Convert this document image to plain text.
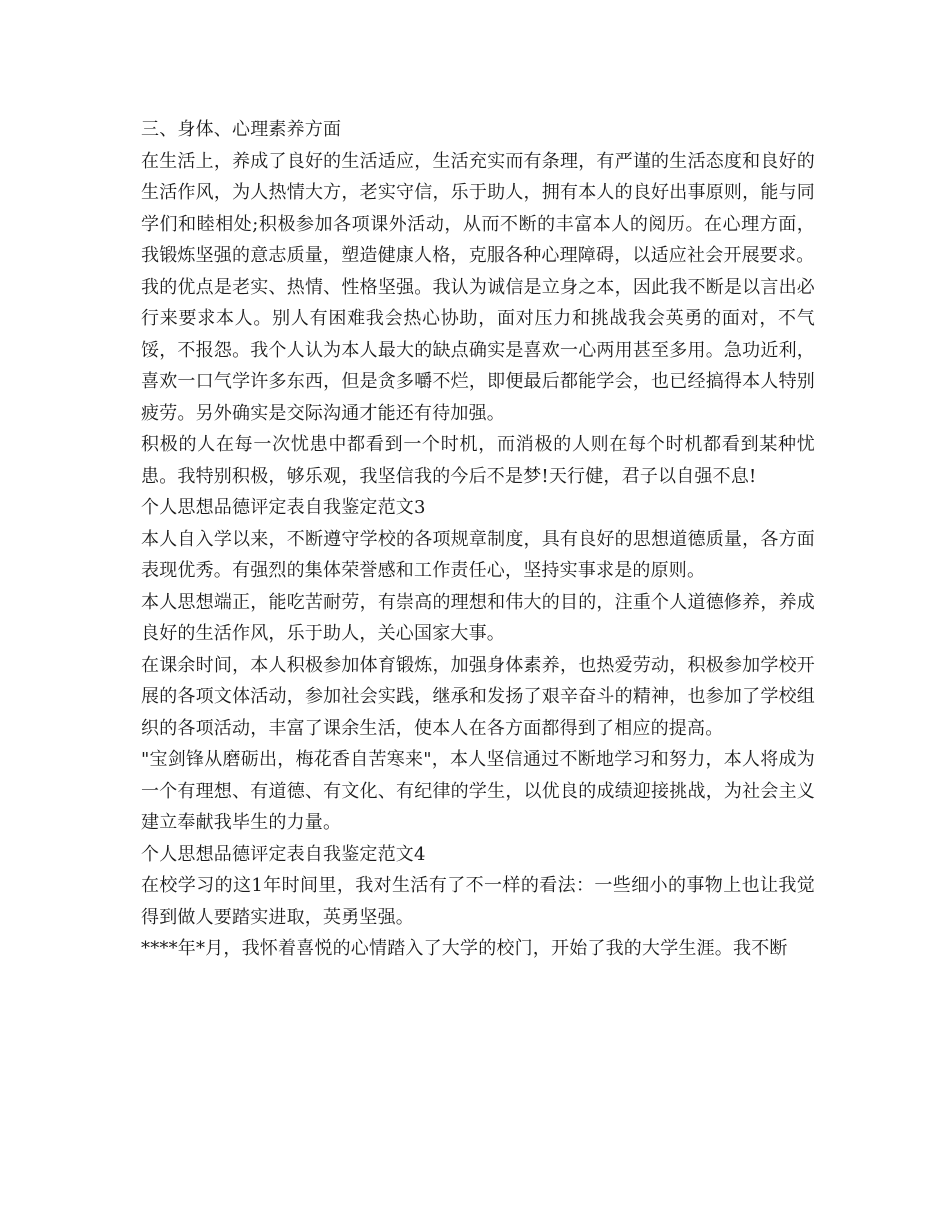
三、身体、心理素养方面

在生活上，养成了良好的生活适应，生活充实而有条理，有严谨的生活态度和良好的生活作风，为人热情大方，老实守信，乐于助人，拥有本人的良好出事原则，能与同学们和睦相处;积极参加各项课外活动，从而不断的丰富本人的阅历。在心理方面，我锻炼坚强的意志质量，塑造健康人格，克服各种心理障碍，以适应社会开展要求。

我的优点是老实、热情、性格坚强。我认为诚信是立身之本，因此我不断是以言出必行来要求本人。别人有困难我会热心协助，面对压力和挑战我会英勇的面对，不气馁，不报怨。我个人认为本人最大的缺点确实是喜欢一心两用甚至多用。急功近利，喜欢一口气学许多东西，但是贪多嚼不烂，即便最后都能学会，也已经搞得本人特别疲劳。另外确实是交际沟通才能还有待加强。

积极的人在每一次忧患中都看到一个时机，而消极的人则在每个时机都看到某种忧患。我特别积极，够乐观，我坚信我的今后不是梦!天行健，君子以自强不息!

个人思想品德评定表自我鉴定范文3

本人自入学以来，不断遵守学校的各项规章制度，具有良好的思想道德质量，各方面表现优秀。有强烈的集体荣誉感和工作责任心，坚持实事求是的原则。

本人思想端正，能吃苦耐劳，有崇高的理想和伟大的目的，注重个人道德修养，养成良好的生活作风，乐于助人，关心国家大事。

在课余时间，本人积极参加体育锻炼，加强身体素养，也热爱劳动，积极参加学校开展的各项文体活动，参加社会实践，继承和发扬了艰辛奋斗的精神，也参加了学校组织的各项活动，丰富了课余生活，使本人在各方面都得到了相应的提高。

"宝剑锋从磨砺出，梅花香自苦寒来"，本人坚信通过不断地学习和努力，本人将成为一个有理想、有道德、有文化、有纪律的学生，以优良的成绩迎接挑战，为社会主义建立奉献我毕生的力量。

个人思想品德评定表自我鉴定范文4

在校学习的这1年时间里，我对生活有了不一样的看法：一些细小的事物上也让我觉得到做人要踏实进取，英勇坚强。

****年*月，我怀着喜悦的心情踏入了大学的校门，开始了我的大学生涯。我不断
